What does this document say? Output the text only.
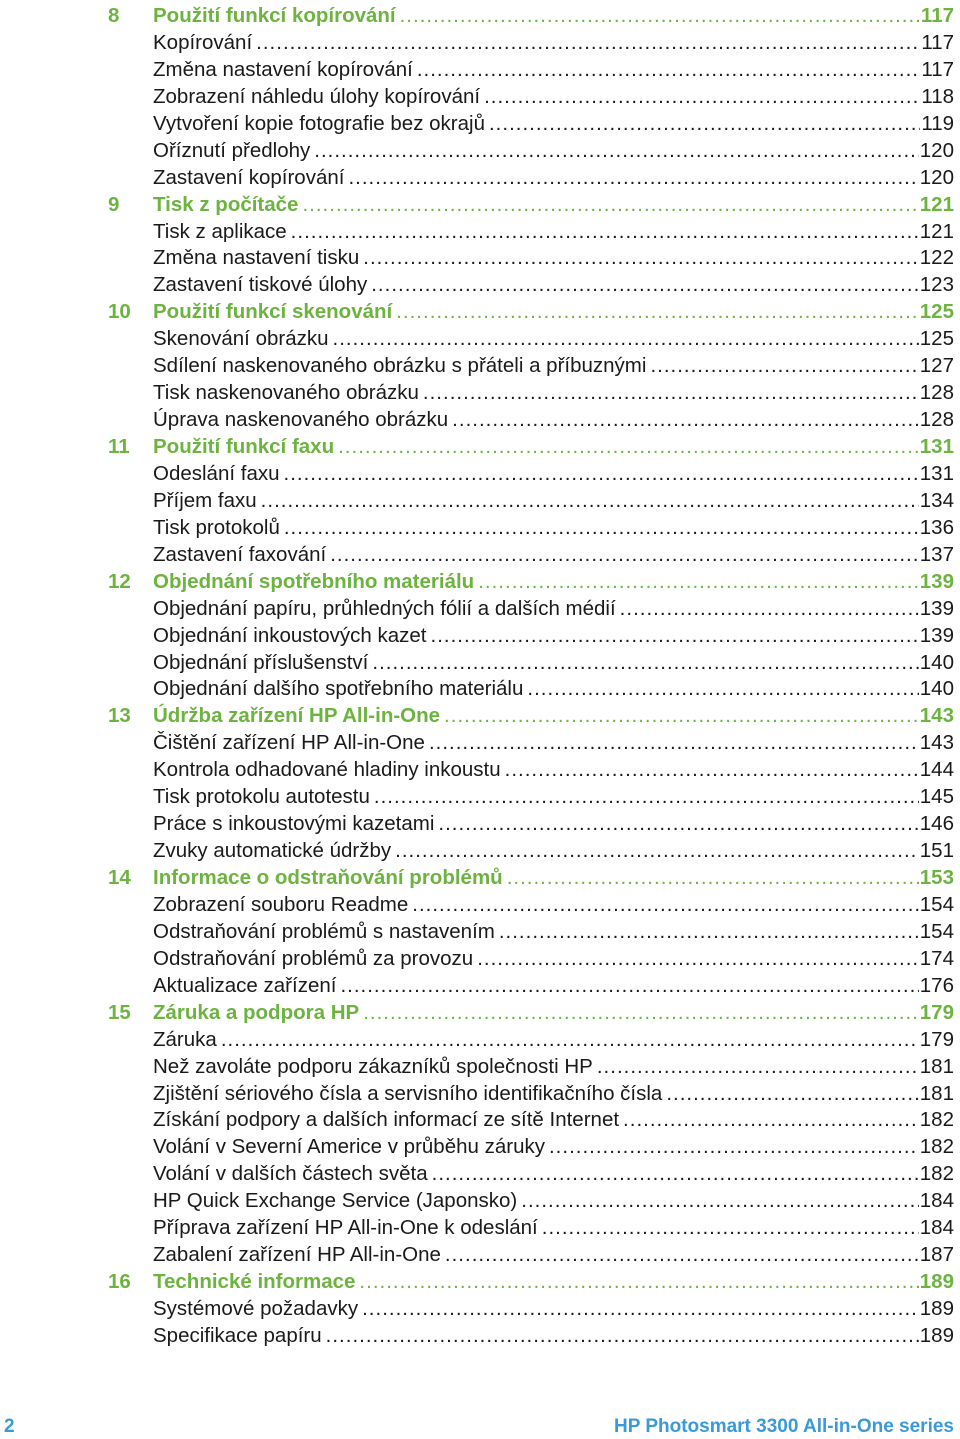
8 Použití funkcí kopírování .....	117
Kopírování .....	117
Změna nastavení kopírování .....	117
Zobrazení náhledu úlohy kopírování .....	118
Vytvoření kopie fotografie bez okrajů .....	119
Oříznutí předlohy .....	120
Zastavení kopírování .....	120
9 Tisk z počítače .....	121
Tisk z aplikace .....	121
Změna nastavení tisku .....	122
Zastavení tiskové úlohy .....	123
10 Použití funkcí skenování .....	125
Skenování obrázku .....	125
Sdílení naskenovaného obrázku s přáteli a příbuznými .....	127
Tisk naskenovaného obrázku .....	128
Úprava naskenovaného obrázku .....	128
11 Použití funkcí faxu .....	131
Odeslání faxu .....	131
Příjem faxu .....	134
Tisk protokolů .....	136
Zastavení faxování .....	137
12 Objednání spotřebního materiálu .....	139
Objednání papíru, průhledných fólií a dalších médií .....	139
Objednání inkoustových kazet .....	139
Objednání příslušenství .....	140
Objednání dalšího spotřebního materiálu .....	140
13 Údržba zařízení HP All-in-One .....	143
Čištění zařízení HP All-in-One .....	143
Kontrola odhadované hladiny inkoustu .....	144
Tisk protokolu autotestu .....	145
Práce s inkoustovými kazetami .....	146
Zvuky automatické údržby .....	151
14 Informace o odstraňování problémů .....	153
Zobrazení souboru Readme .....	154
Odstraňování problémů s nastavením .....	154
Odstraňování problémů za provozu .....	174
Aktualizace zařízení .....	176
15 Záruka a podpora HP .....	179
Záruka .....	179
Než zavoláte podporu zákazníků společnosti HP .....	181
Zjištění sériového čísla a servisního identifikačního čísla .....	181
Získání podpory a dalších informací ze sítě Internet .....	182
Volání v Severní Americe v průběhu záruky .....	182
Volání v dalších částech světa .....	182
HP Quick Exchange Service (Japonsko) .....	184
Příprava zařízení HP All-in-One k odeslání .....	184
Zabalení zařízení HP All-in-One .....	187
16 Technické informace .....	189
Systémové požadavky .....	189
Specifikace papíru .....	189
2	HP Photosmart 3300 All-in-One series
